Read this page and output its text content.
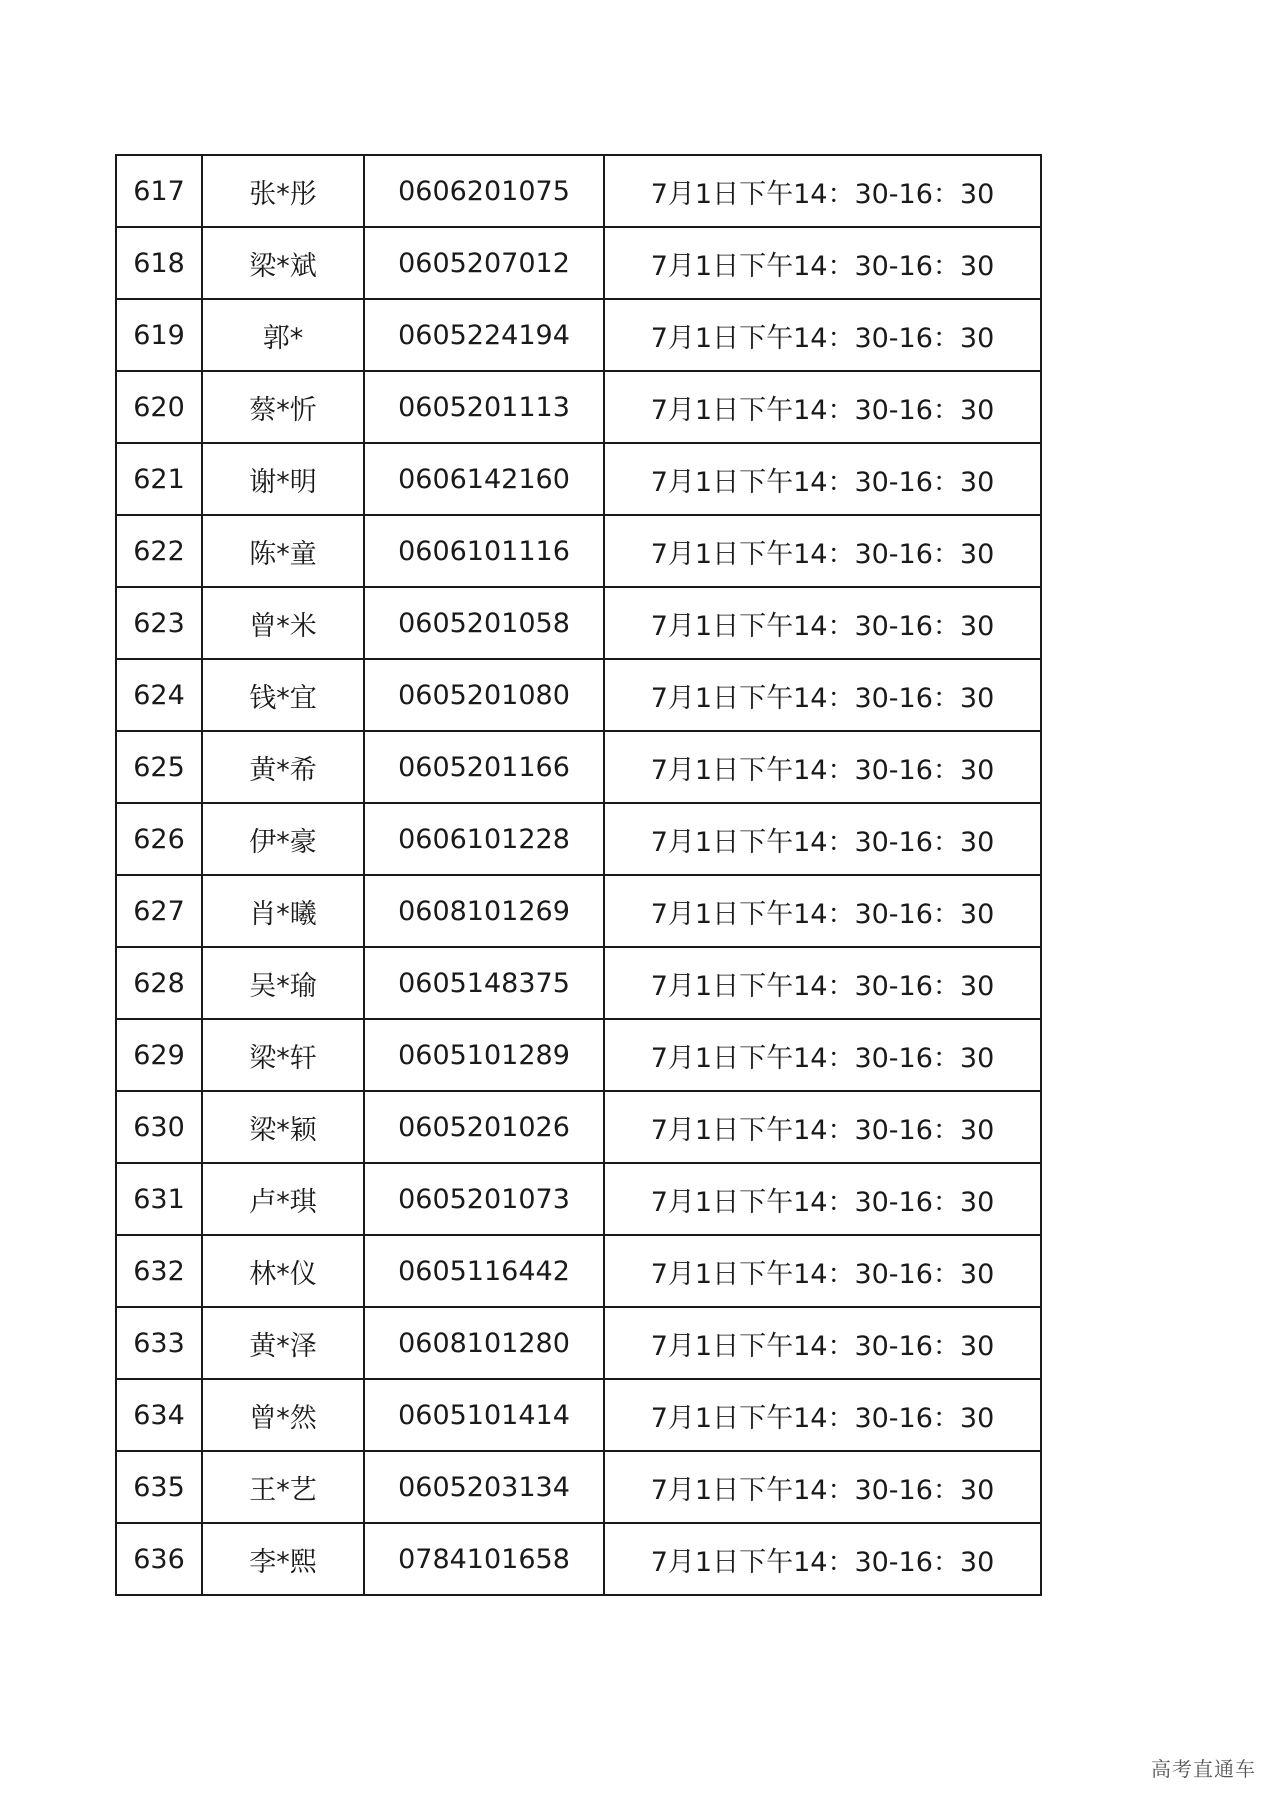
617	张*彤	0606201075	7月1日下午14：30-16：30
618	梁*斌	0605207012	7月1日下午14：30-16：30
619	郭*	0605224194	7月1日下午14：30-16：30
620	蔡*忻	0605201113	7月1日下午14：30-16：30
621	谢*明	0606142160	7月1日下午14：30-16：30
622	陈*童	0606101116	7月1日下午14：30-16：30
623	曾*米	0605201058	7月1日下午14：30-16：30
624	钱*宜	0605201080	7月1日下午14：30-16：30
625	黄*希	0605201166	7月1日下午14：30-16：30
626	伊*豪	0606101228	7月1日下午14：30-16：30
627	肖*曦	0608101269	7月1日下午14：30-16：30
628	吴*瑜	0605148375	7月1日下午14：30-16：30
629	梁*轩	0605101289	7月1日下午14：30-16：30
630	梁*颖	0605201026	7月1日下午14：30-16：30
631	卢*琪	0605201073	7月1日下午14：30-16：30
632	林*仪	0605116442	7月1日下午14：30-16：30
633	黄*泽	0608101280	7月1日下午14：30-16：30
634	曾*然	0605101414	7月1日下午14：30-16：30
635	王*艺	0605203134	7月1日下午14：30-16：30
636	李*熙	0784101658	7月1日下午14：30-16：30
高考直通车
